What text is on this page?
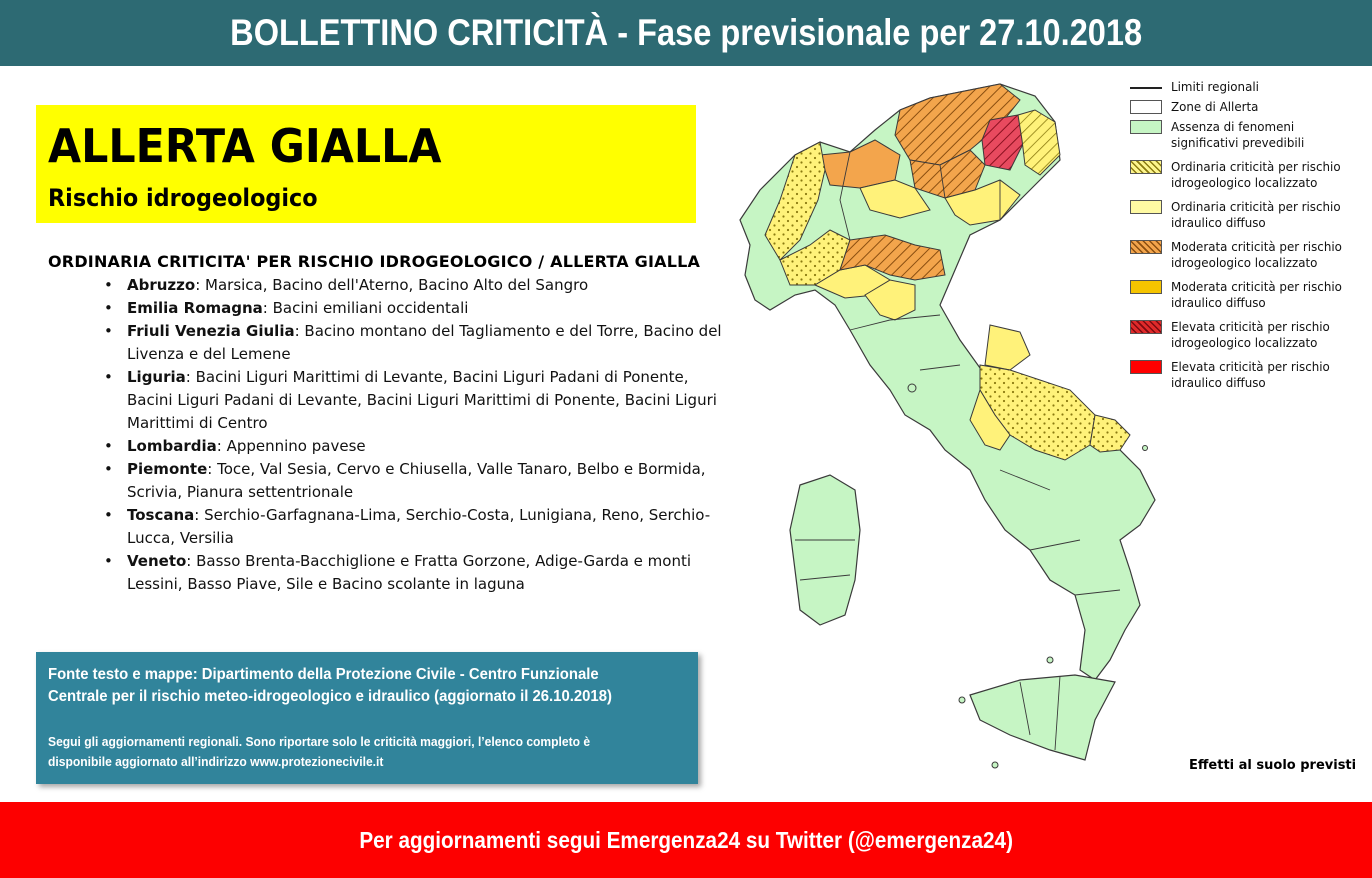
BOLLETTINO CRITICITÀ - Fase previsionale per 27.10.2018
ALLERTA GIALLA
Rischio idrogeologico
ORDINARIA CRITICITA' PER RISCHIO IDROGEOLOGICO / ALLERTA GIALLA
• Abruzzo: Marsica, Bacino dell'Aterno, Bacino Alto del Sangro
• Emilia Romagna: Bacini emiliani occidentali
• Friuli Venezia Giulia: Bacino montano del Tagliamento e del Torre, Bacino del Livenza e del Lemene
• Liguria: Bacini Liguri Marittimi di Levante, Bacini Liguri Padani di Ponente, Bacini Liguri Padani di Levante, Bacini Liguri Marittimi di Ponente, Bacini Liguri Marittimi di Centro
• Lombardia: Appennino pavese
• Piemonte: Toce, Val Sesia, Cervo e Chiusella, Valle Tanaro, Belbo e Bormida, Scrivia, Pianura settentrionale
• Toscana: Serchio-Garfagnana-Lima, Serchio-Costa, Lunigiana, Reno, Serchio-Lucca, Versilia
• Veneto: Basso Brenta-Bacchiglione e Fratta Gorzone, Adige-Garda e monti Lessini, Basso Piave, Sile e Bacino scolante in laguna
Fonte testo e mappe: Dipartimento della Protezione Civile - Centro Funzionale
Centrale per il rischio meteo-idrogeologico e idraulico (aggiornato il 26.10.2018)
Segui gli aggiornamenti regionali. Sono riportare solo le criticità maggiori, l’elenco completo è
disponibile aggiornato all’indirizzo www.protezionecivile.it
Limiti regionali
Zone di Allerta
Assenza di fenomeni significativi prevedibili
Ordinaria criticità per rischio idrogeologico localizzato
Ordinaria criticità per rischio idraulico diffuso
Moderata criticità per rischio idrogeologico localizzato
Moderata criticità per rischio idraulico diffuso
Elevata criticità per rischio idrogeologico localizzato
Elevata criticità per rischio idraulico diffuso
Effetti al suolo previsti
Per aggiornamenti segui Emergenza24 su Twitter (@emergenza24)
